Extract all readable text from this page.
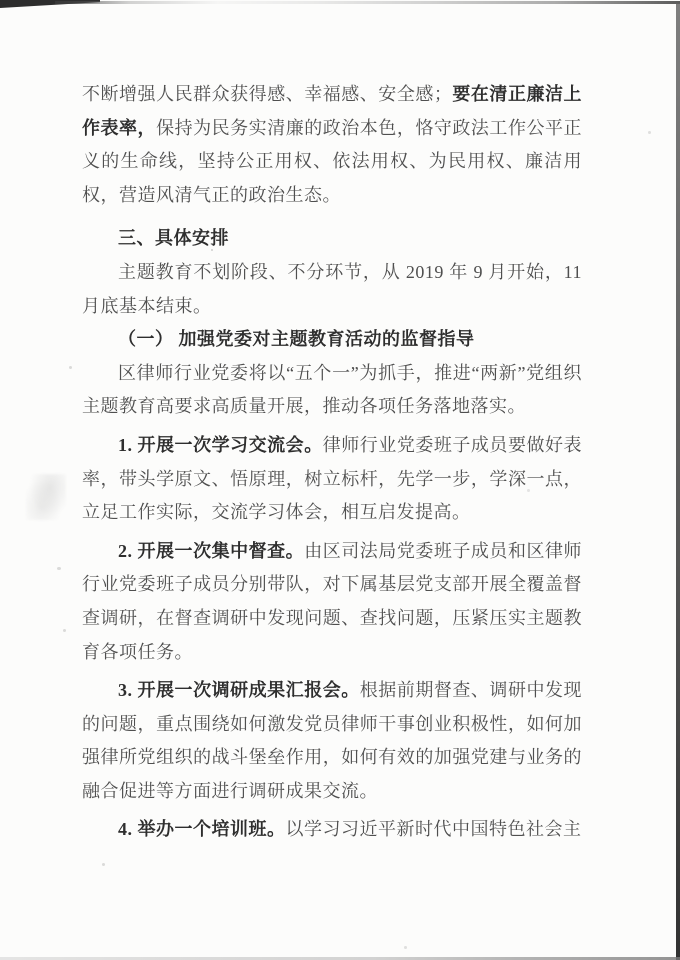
不断增强人民群众获得感、幸福感、安全感；要在清正廉洁上作表率，保持为民务实清廉的政治本色，恪守政法工作公平正义的生命线，坚持公正用权、依法用权、为民用权、廉洁用权，营造风清气正的政治生态。

三、具体安排

主题教育不划阶段、不分环节，从 2019 年 9 月开始，11 月底基本结束。

（一） 加强党委对主题教育活动的监督指导

区律师行业党委将以“五个一”为抓手，推进“两新”党组织主题教育高要求高质量开展，推动各项任务落地落实。

1. 开展一次学习交流会。律师行业党委班子成员要做好表率，带头学原文、悟原理，树立标杆，先学一步，学深一点，立足工作实际，交流学习体会，相互启发提高。

2. 开展一次集中督查。由区司法局党委班子成员和区律师行业党委班子成员分别带队，对下属基层党支部开展全覆盖督查调研，在督查调研中发现问题、查找问题，压紧压实主题教育各项任务。

3. 开展一次调研成果汇报会。根据前期督查、调研中发现的问题，重点围绕如何激发党员律师干事创业积极性，如何加强律所党组织的战斗堡垒作用，如何有效的加强党建与业务的融合促进等方面进行调研成果交流。

4. 举办一个培训班。以学习习近平新时代中国特色社会主
